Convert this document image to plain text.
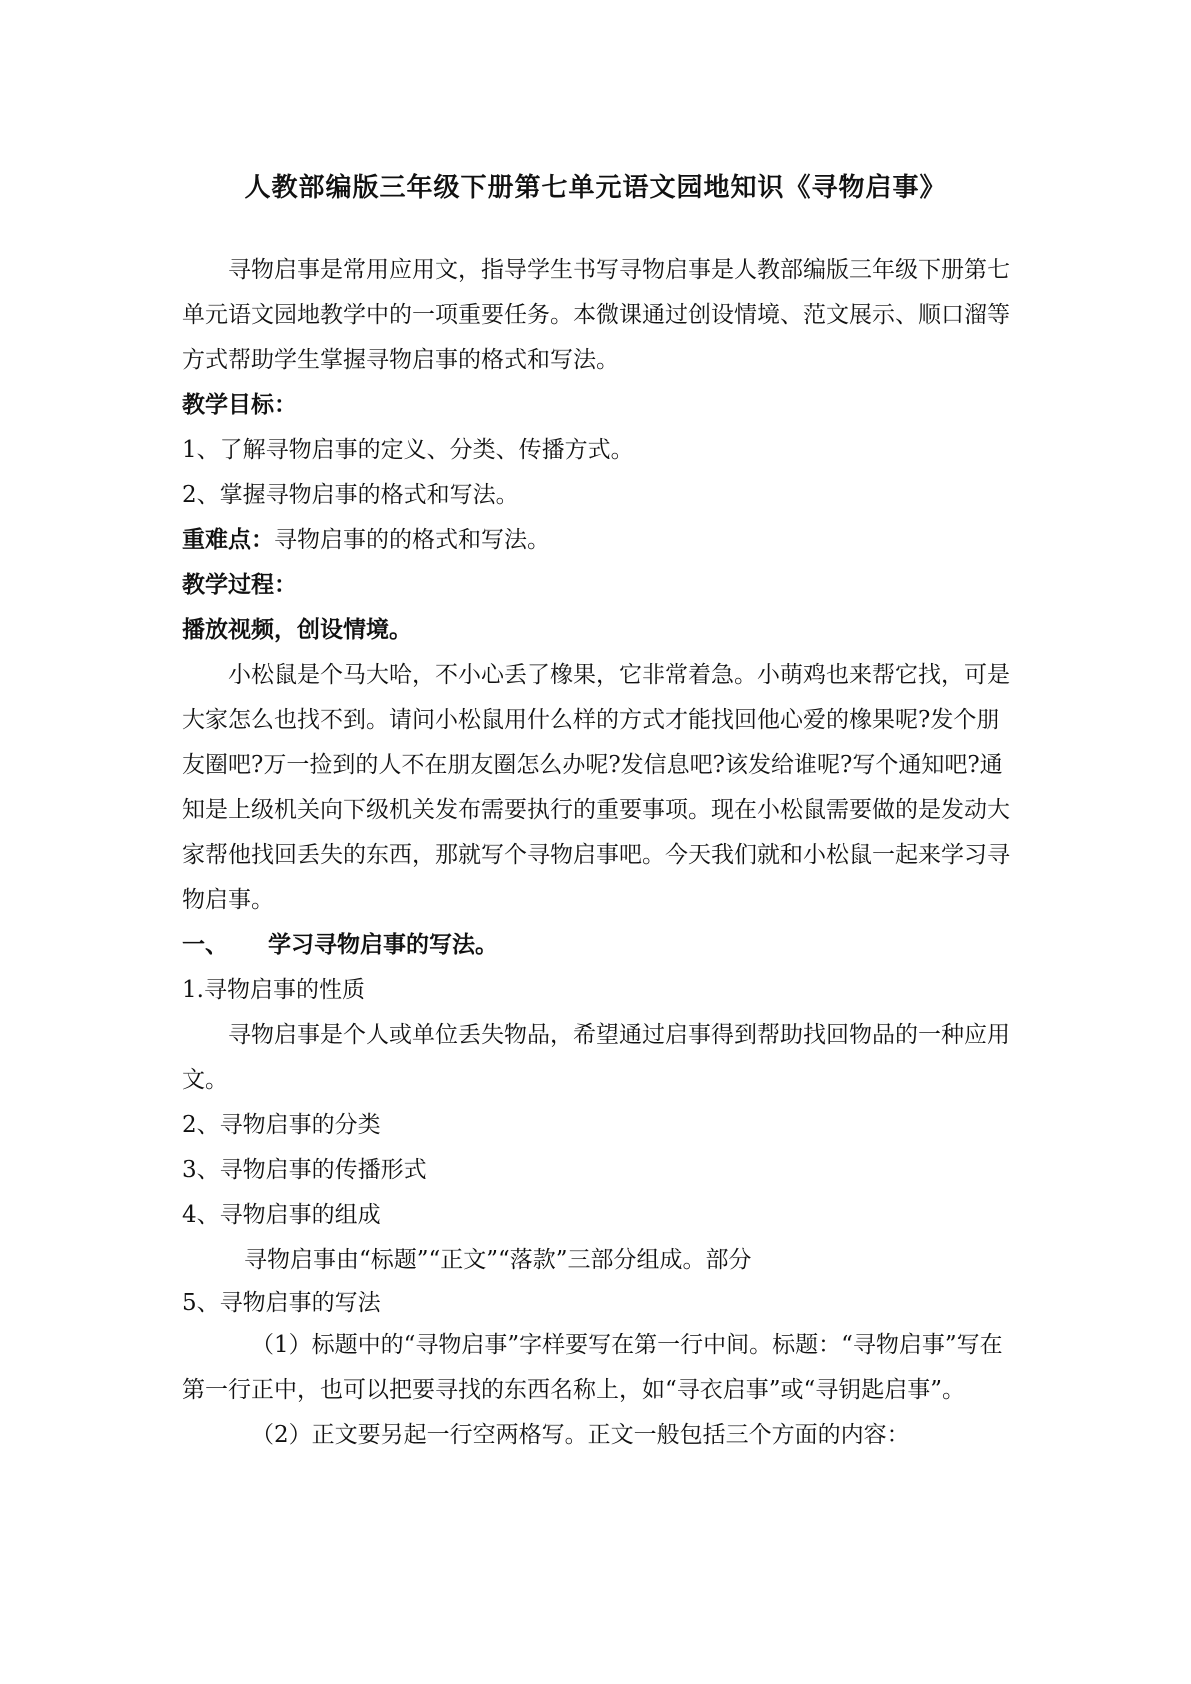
人教部编版三年级下册第七单元语文园地知识《寻物启事》

寻物启事是常用应用文，指导学生书写寻物启事是人教部编版三年级下册第七单元语文园地教学中的一项重要任务。本微课通过创设情境、范文展示、顺口溜等方式帮助学生掌握寻物启事的格式和写法。

教学目标：

1、了解寻物启事的定义、分类、传播方式。

2、掌握寻物启事的格式和写法。

重难点：寻物启事的的格式和写法。

教学过程：

播放视频，创设情境。

小松鼠是个马大哈，不小心丢了橡果，它非常着急。小萌鸡也来帮它找，可是大家怎么也找不到。请问小松鼠用什么样的方式才能找回他心爱的橡果呢?发个朋友圈吧?万一捡到的人不在朋友圈怎么办呢?发信息吧?该发给谁呢?写个通知吧?通知是上级机关向下级机关发布需要执行的重要事项。现在小松鼠需要做的是发动大家帮他找回丢失的东西，那就写个寻物启事吧。今天我们就和小松鼠一起来学习寻物启事。

一、 学习寻物启事的写法。

1.寻物启事的性质

寻物启事是个人或单位丢失物品，希望通过启事得到帮助找回物品的一种应用文。

2、寻物启事的分类

3、寻物启事的传播形式

4、寻物启事的组成

寻物启事由“标题”“正文”“落款”三部分组成。部分

5、寻物启事的写法

（1）标题中的“寻物启事”字样要写在第一行中间。标题：“寻物启事”写在第一行正中，也可以把要寻找的东西名称上，如“寻衣启事”或“寻钥匙启事”。

（2）正文要另起一行空两格写。正文一般包括三个方面的内容：
